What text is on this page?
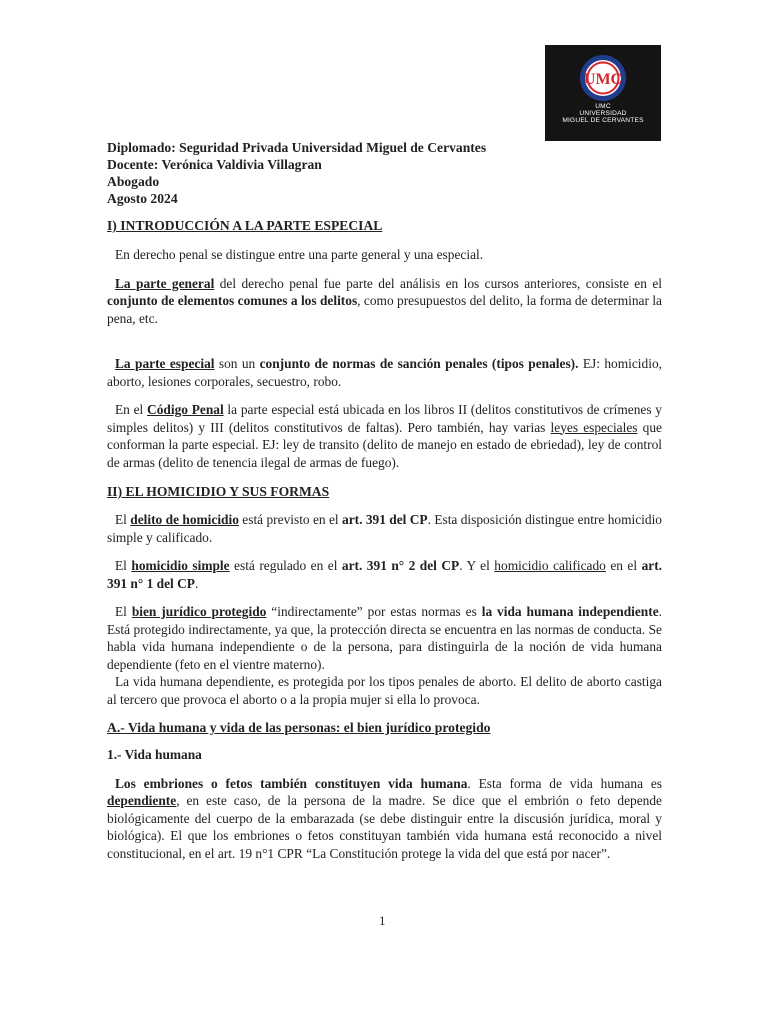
UMC
UMC
UNIVERSIDAD
MIGUEL DE CERVANTES

Diplomado: Seguridad Privada Universidad Miguel de Cervantes

Docente: Verónica Valdivia Villagran

Abogado

Agosto 2024

I) INTRODUCCIÓN A LA PARTE ESPECIAL

En derecho penal se distingue entre una parte general y una especial.

La parte general del derecho penal fue parte del análisis en los cursos anteriores, consiste en el conjunto de elementos comunes a los delitos, como presupuestos del delito, la forma de determinar la pena, etc.

La parte especial son un conjunto de normas de sanción penales (tipos penales). EJ: homicidio, aborto, lesiones corporales, secuestro, robo.

En el Código Penal la parte especial está ubicada en los libros II (delitos constitutivos de crímenes y simples delitos) y III (delitos constitutivos de faltas). Pero también, hay varias leyes especiales que conforman la parte especial. EJ: ley de transito (delito de manejo en estado de ebriedad), ley de control de armas (delito de tenencia ilegal de armas de fuego).

II) EL HOMICIDIO Y SUS FORMAS

El delito de homicidio está previsto en el art. 391 del CP. Esta disposición distingue entre homicidio simple y calificado.

El homicidio simple está regulado en el art. 391 n° 2 del CP. Y el homicidio calificado en el art. 391 n° 1 del CP.

El bien jurídico protegido “indirectamente” por estas normas es la vida humana independiente. Está protegido indirectamente, ya que, la protección directa se encuentra en las normas de conducta. Se habla vida humana independiente o de la persona, para distinguirla de la noción de vida humana dependiente (feto en el vientre materno).

La vida humana dependiente, es protegida por los tipos penales de aborto. El delito de aborto castiga al tercero que provoca el aborto o a la propia mujer si ella lo provoca.

A.- Vida humana y vida de las personas: el bien jurídico protegido

1.- Vida humana

Los embriones o fetos también constituyen vida humana. Esta forma de vida humana es dependiente, en este caso, de la persona de la madre. Se dice que el embrión o feto depende biológicamente del cuerpo de la embarazada (se debe distinguir entre la discusión jurídica, moral y biológica). El que los embriones o fetos constituyan también vida humana está reconocido a nivel constitucional, en el art. 19 n°1 CPR “La Constitución protege la vida del que está por nacer”.

1
